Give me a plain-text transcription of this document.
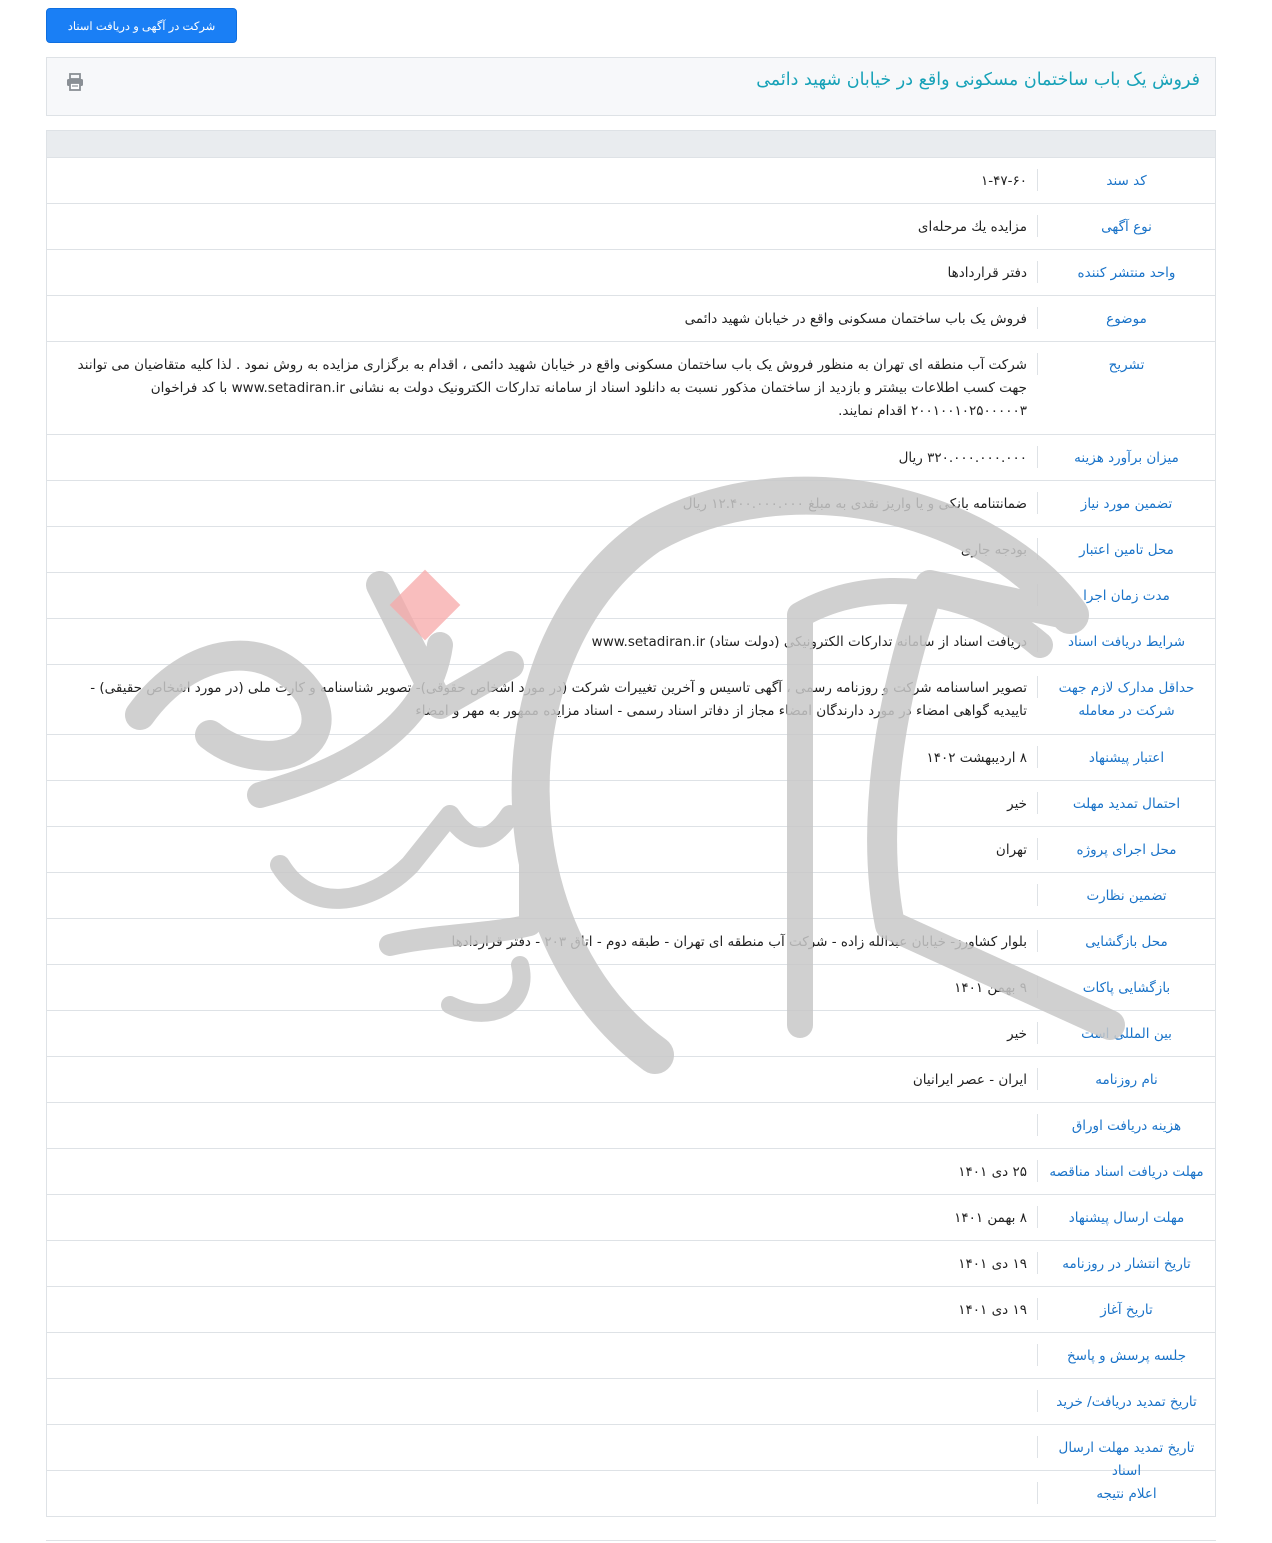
شرکت در آگهی و دریافت اسناد
فروش یک باب ساختمان مسکونی واقع در خیابان شهید دائمی
کد سند
۱-۴۷-۶۰
نوع آگهی
مزايده يك مرحله‌ای
واحد منتشر کننده
دفتر قراردادها
موضوع
فروش یک باب ساختمان مسکونی واقع در خیابان شهید دائمی
تشریح
شرکت آب منطقه ای تهران به منظور فروش یک باب ساختمان مسکونی واقع در خیابان شهید دائمی ، اقدام به برگزاری مزایده به روش نمود . لذا کلیه متقاضیان می توانند جهت کسب اطلاعات بیشتر و بازدید از ساختمان مذکور نسبت به دانلود اسناد از سامانه تدارکات الکترونیک دولت به نشانی www.setadiran.ir با کد فراخوان ۲۰۰۱۰۰۱۰۲۵۰۰۰۰۰۳ اقدام نمایند.
میزان برآورد هزینه
۳۲۰.۰۰۰.۰۰۰.۰۰۰ ریال
تضمین مورد نیاز
ضمانتنامه بانکی و یا واریز نقدی به مبلغ ۱۲.۴۰۰.۰۰۰.۰۰۰ ریال
محل تامین اعتبار
بودجه جاری
مدت زمان اجرا
شرایط دریافت اسناد
دریافت اسناد از سامانه تدارکات الکترونیکی (دولت ستاد) www.setadiran.ir
حداقل مدارک لازم جهت شرکت در معامله
تصویر اساسنامه شرکت و روزنامه رسمی ، آگهی تاسیس و آخرین تغییرات شرکت (در مورد اشخاص حقوقی)- تصویر شناسنامه و کارت ملی (در مورد اشخاص حقیقی) - تاییدیه گواهی امضاء در مورد دارندگان امضاء مجاز از دفاتر اسناد رسمی - اسناد مزایده ممهور به مهر و امضاء
اعتبار پیشنهاد
۸ اردیبهشت ۱۴۰۲
احتمال تمدید مهلت
خیر
محل اجرای پروژه
تهران
تضمین نظارت
محل بازگشایی
بلوار کشاورز- خیابان عبدالله زاده - شرکت آب منطقه ای تهران - طبقه دوم - اتاق ۲۰۳ - دفتر قراردادها
بازگشایی پاکات
۹ بهمن ۱۴۰۱
بین المللی است
خیر
نام روزنامه
ایران - عصر ایرانیان
هزینه دریافت اوراق
مهلت دریافت اسناد مناقصه
۲۵ دی ۱۴۰۱
مهلت ارسال پیشنهاد
۸ بهمن ۱۴۰۱
تاریخ انتشار در روزنامه
۱۹ دی ۱۴۰۱
تاریخ آغاز
۱۹ دی ۱۴۰۱
جلسه پرسش و پاسخ
تاریخ تمدید دریافت/ خرید
تاریخ تمدید مهلت ارسال اسناد
اعلام نتیجه
